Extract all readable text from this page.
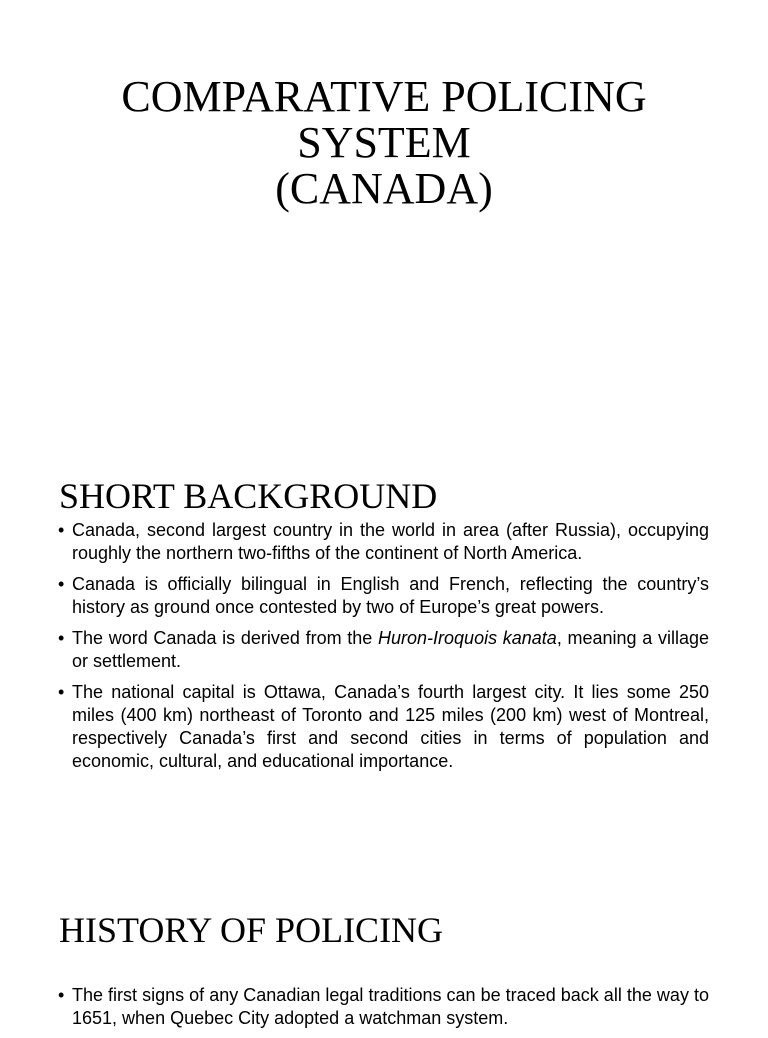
COMPARATIVE POLICING
SYSTEM
(CANADA)
SHORT BACKGROUND
• Canada, second largest country in the world in area (after Russia), occupying roughly the northern two-fifths of the continent of North America.
• Canada is officially bilingual in English and French, reflecting the country’s history as ground once contested by two of Europe’s great powers.
• The word Canada is derived from the Huron-Iroquois kanata, meaning a village or settlement.
• The national capital is Ottawa, Canada’s fourth largest city. It lies some 250 miles (400 km) northeast of Toronto and 125 miles (200 km) west of Montreal, respectively Canada’s first and second cities in terms of population and economic, cultural, and educational importance.
HISTORY OF POLICING
• The first signs of any Canadian legal traditions can be traced back all the way to 1651, when Quebec City adopted a watchman system.
